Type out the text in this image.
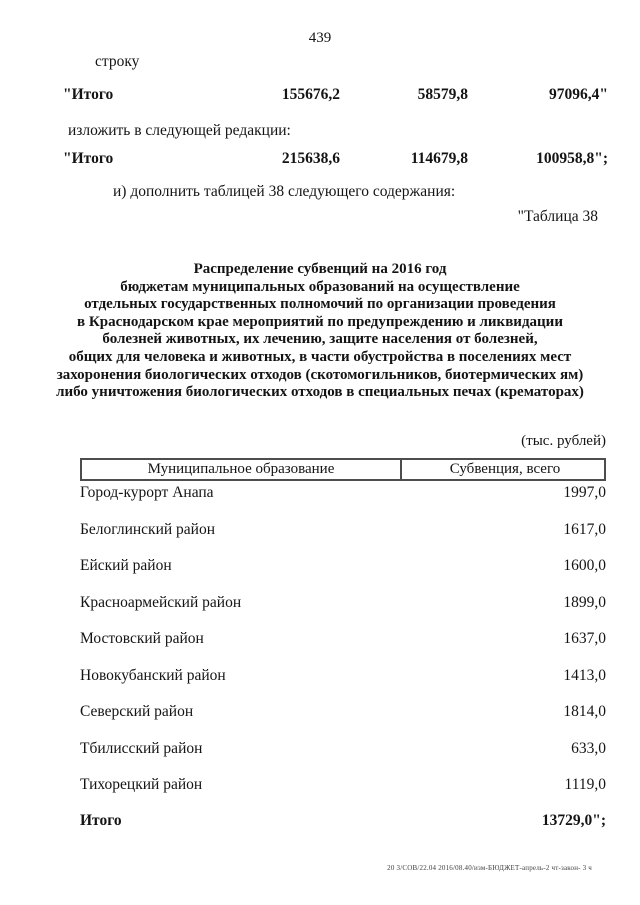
439
строку
"Итого	155676,2	58579,8	97096,4"
изложить в следующей редакции:
"Итого	215638,6	114679,8	100958,8";
и) дополнить таблицей 38 следующего содержания:
"Таблица 38
Распределение субвенций на 2016 год
бюджетам муниципальных образований на осуществление
отдельных государственных полномочий по организации проведения
в Краснодарском крае мероприятий по предупреждению и ликвидации
болезней животных, их лечению, защите населения от болезней,
общих для человека и животных, в части обустройства в поселениях мест
захоронения биологических отходов (скотомогильников, биотермических ям)
либо уничтожения биологических отходов в специальных печах (крематорах)
(тыс. рублей)
Муниципальное образование	Субвенция, всего
Город-курорт Анапа	1997,0
Белоглинский район	1617,0
Ейский район	1600,0
Красноармейский район	1899,0
Мостовский район	1637,0
Новокубанский район	1413,0
Северский район	1814,0
Тбилисский район	633,0
Тихорецкий район	1119,0
Итого	13729,0";
20 3/СОВ/22.04 2016/08.40/изм-БЮДЖЕТ-апрель-2 чт-закон- 3 ч
